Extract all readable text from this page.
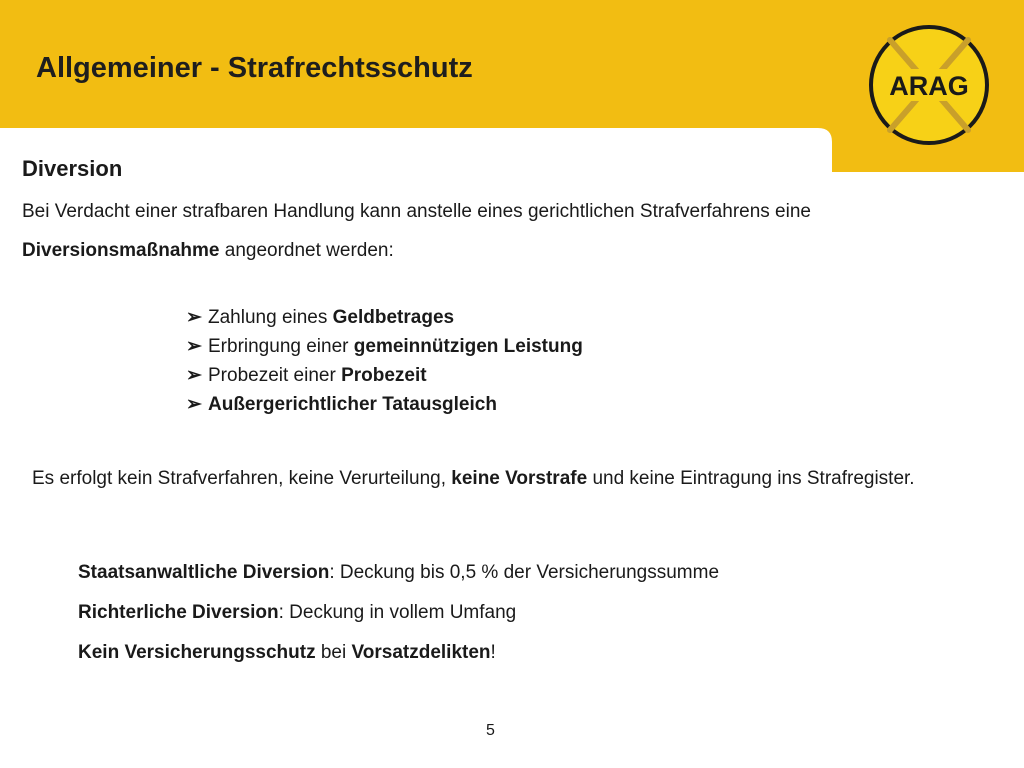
Allgemeiner - Strafrechtsschutz
ARAG
Diversion
Bei Verdacht einer strafbaren Handlung kann anstelle eines gerichtlichen Strafverfahrens eine
Diversionsmaßnahme angeordnet werden:
➢ Zahlung eines Geldbetrages
➢ Erbringung einer gemeinnützigen Leistung
➢ Probezeit einer Probezeit
➢ Außergerichtlicher Tatausgleich
Es erfolgt kein Strafverfahren, keine Verurteilung, keine Vorstrafe und keine Eintragung ins Strafregister.
Staatsanwaltliche Diversion: Deckung bis 0,5 % der Versicherungssumme
Richterliche Diversion: Deckung in vollem Umfang
Kein Versicherungsschutz bei Vorsatzdelikten!
5
